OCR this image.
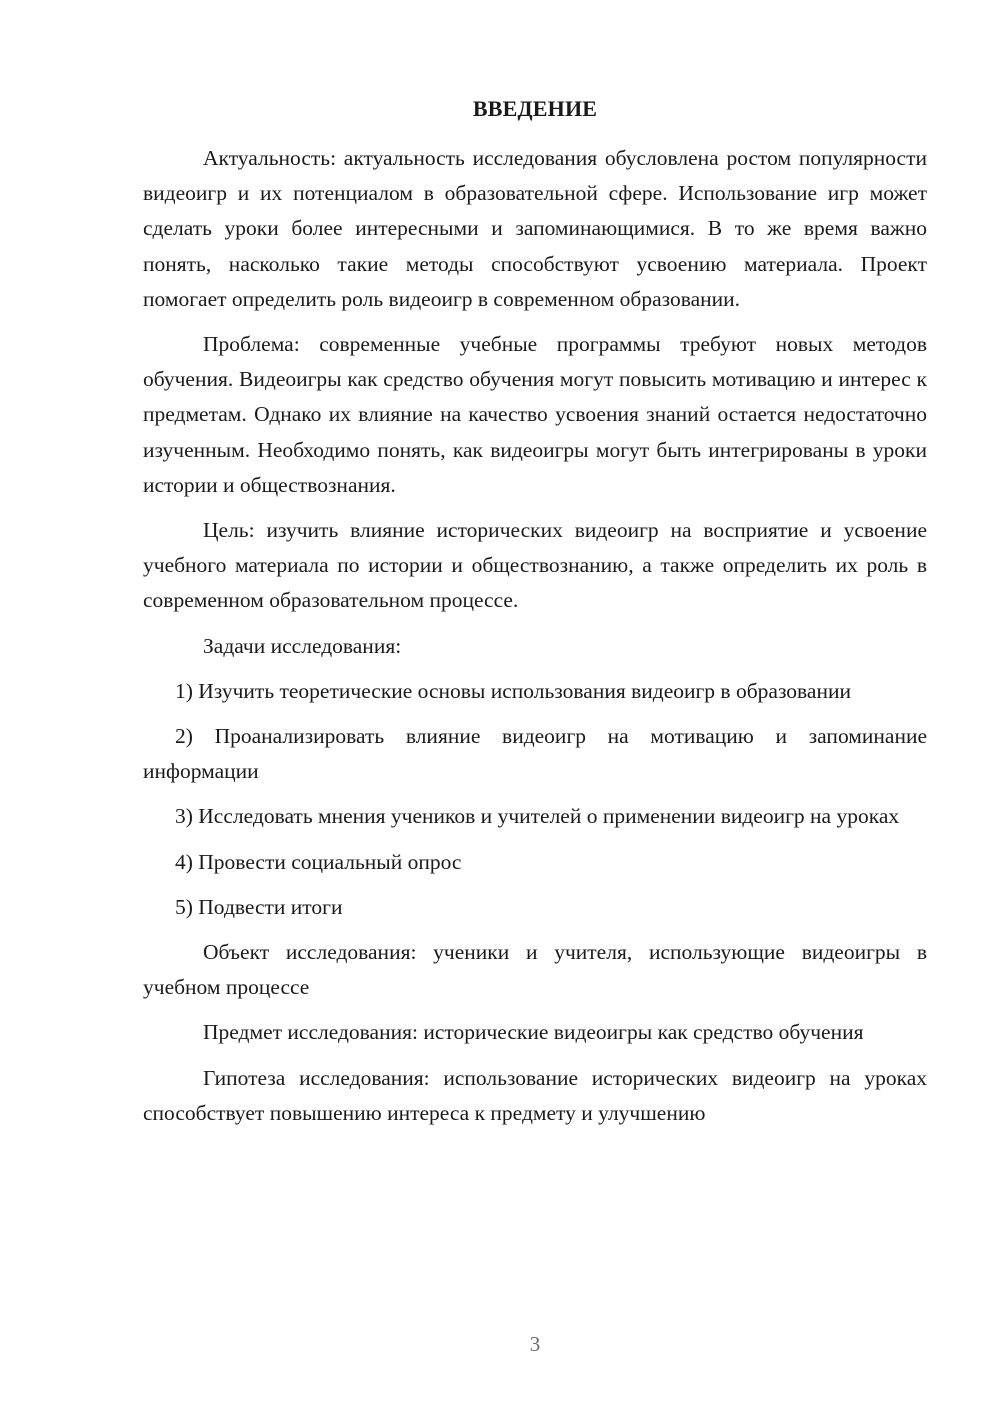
ВВЕДЕНИЕ

Актуальность: актуальность исследования обусловлена ростом популярности видеоигр и их потенциалом в образовательной сфере. Использование игр может сделать уроки более интересными и запоминающимися. В то же время важно понять, насколько такие методы способствуют усвоению материала. Проект помогает определить роль видеоигр в современном образовании.

Проблема: современные учебные программы требуют новых методов обучения. Видеоигры как средство обучения могут повысить мотивацию и интерес к предметам. Однако их влияние на качество усвоения знаний остается недостаточно изученным. Необходимо понять, как видеоигры могут быть интегрированы в уроки истории и обществознания.

Цель: изучить влияние исторических видеоигр на восприятие и усвоение учебного материала по истории и обществознанию, а также определить их роль в современном образовательном процессе.

Задачи исследования:

1) Изучить теоретические основы использования видеоигр в образовании

2) Проанализировать влияние видеоигр на мотивацию и запоминание информации

3) Исследовать мнения учеников и учителей о применении видеоигр на уроках

4) Провести социальный опрос

5) Подвести итоги

Объект исследования: ученики и учителя, использующие видеоигры в учебном процессе

Предмет исследования: исторические видеоигры как средство обучения

Гипотеза исследования: использование исторических видеоигр на уроках способствует повышению интереса к предмету и улучшению

3
